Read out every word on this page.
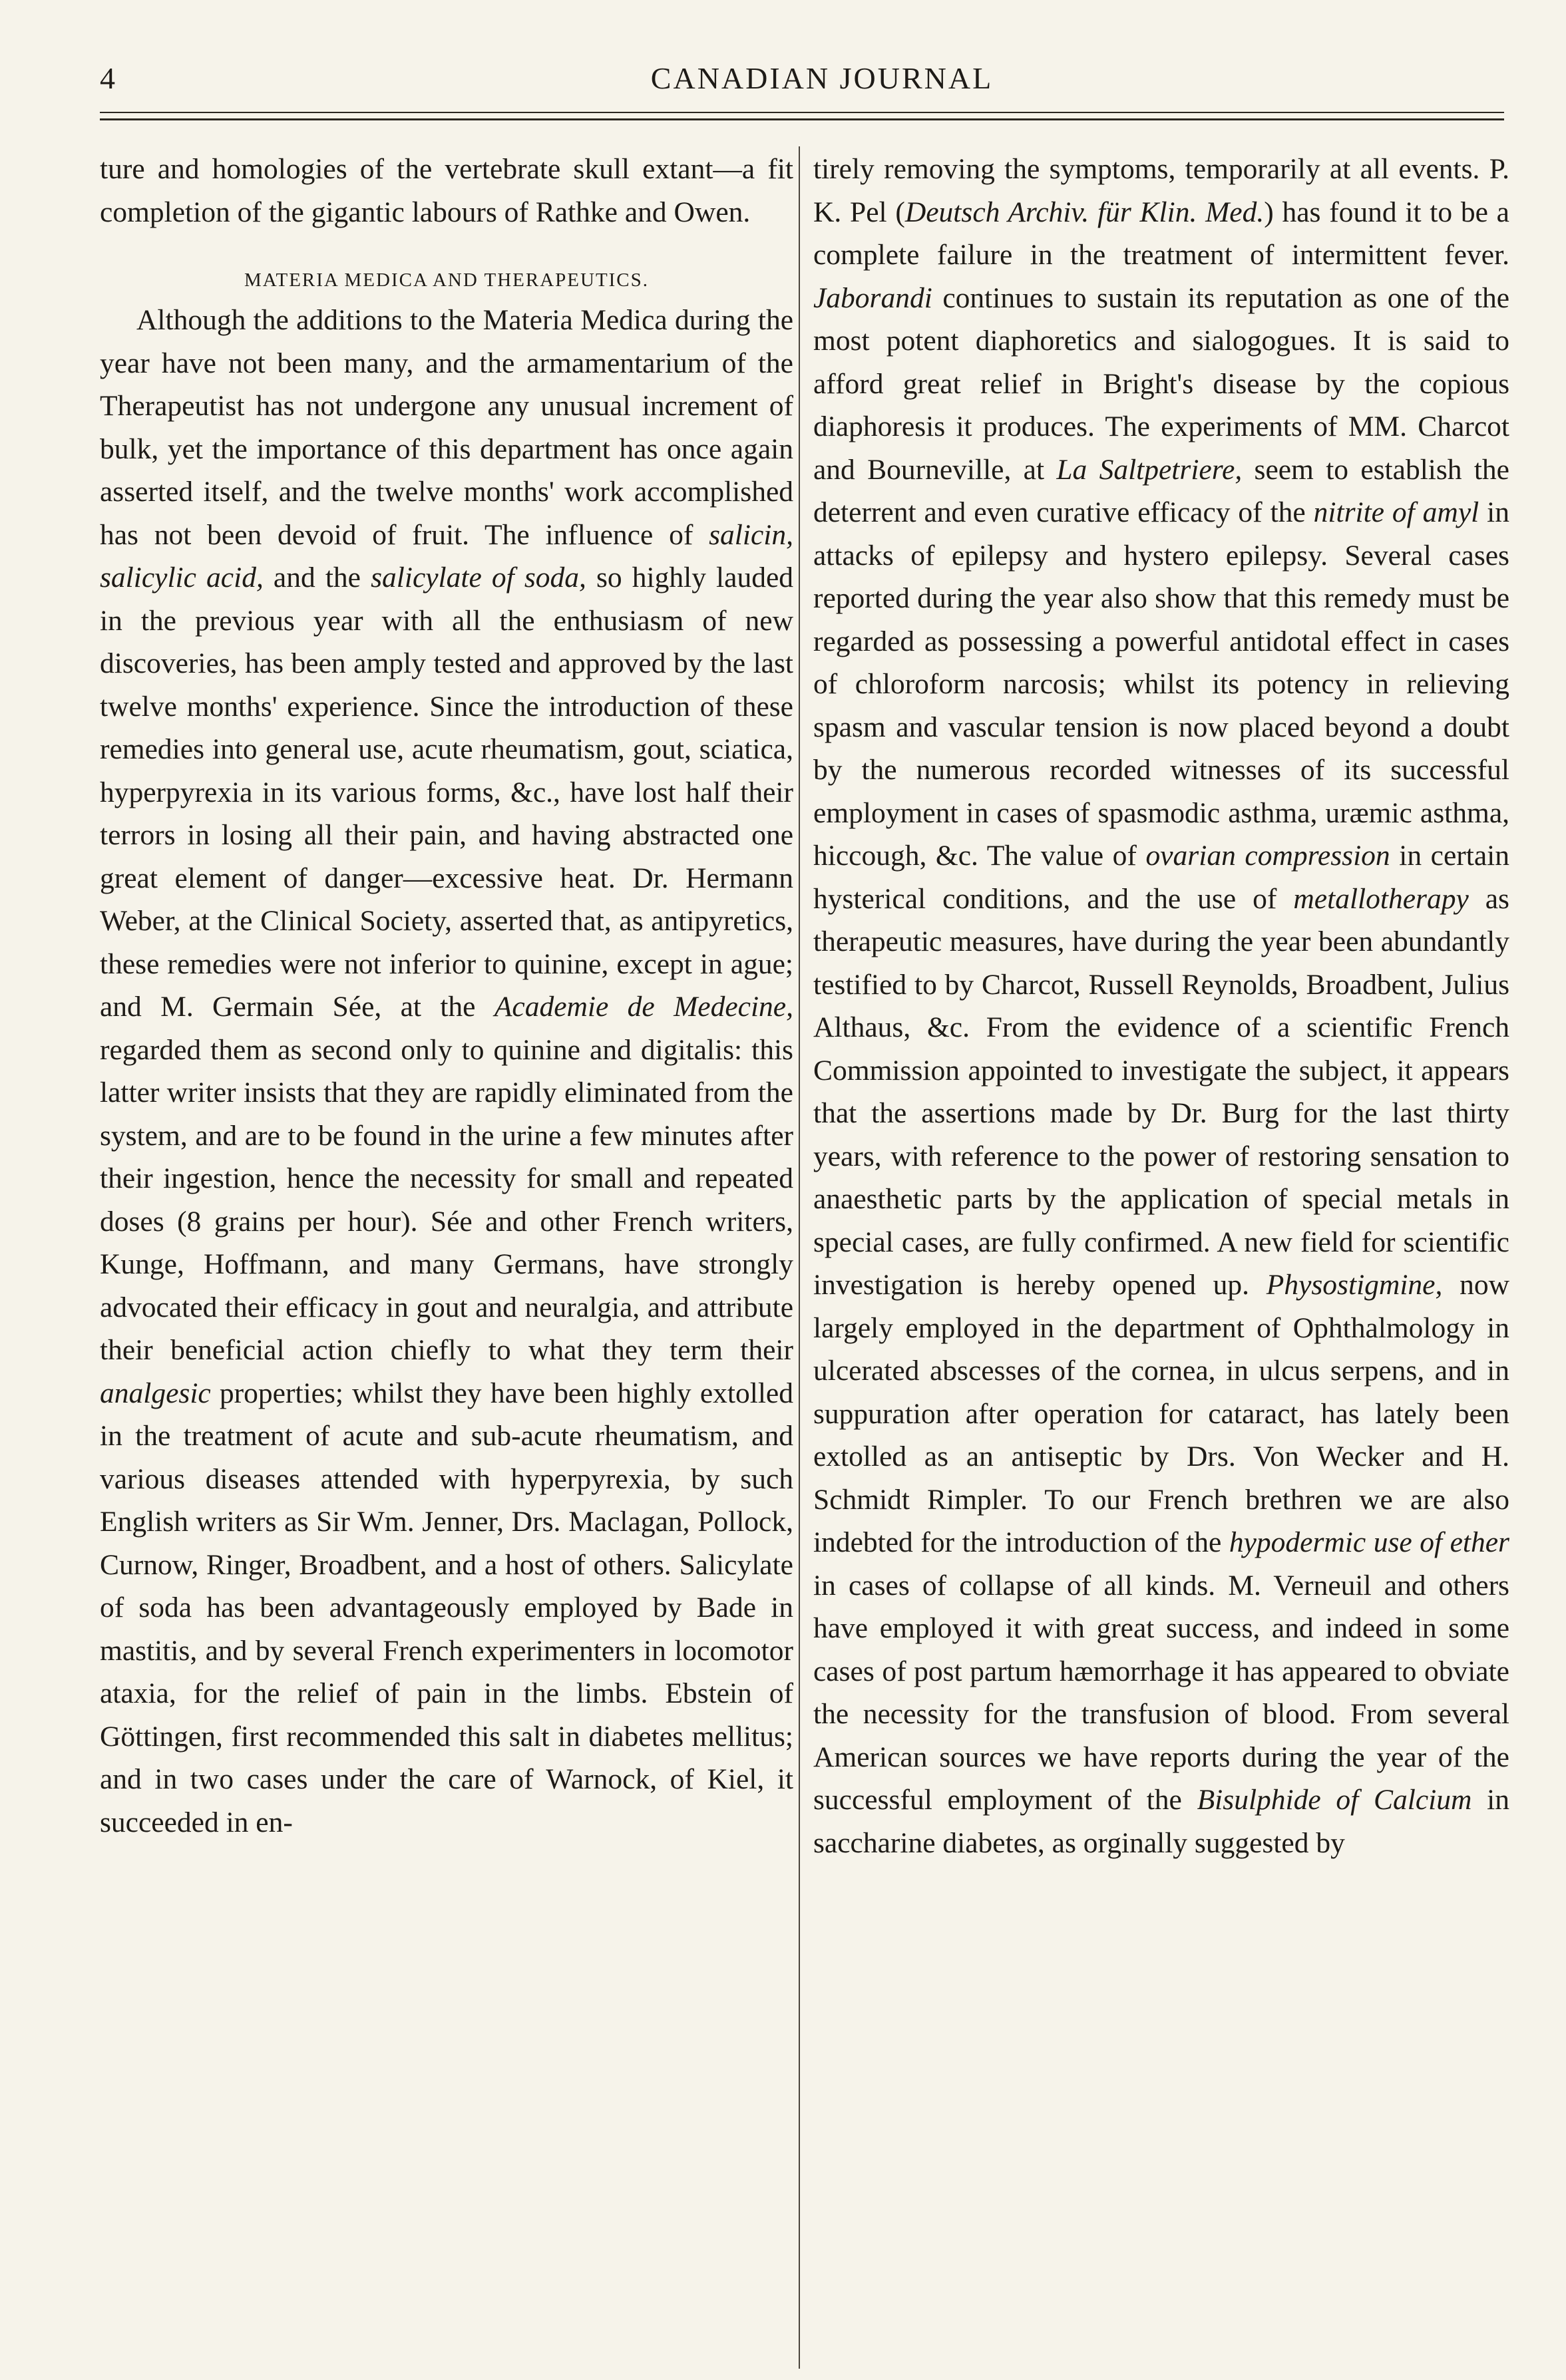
4	CANADIAN JOURNAL

ture and homologies of the vertebrate skull extant—a fit completion of the gigantic labours of Rathke and Owen.

MATERIA MEDICA AND THERAPEUTICS.

Although the additions to the Materia Medica during the year have not been many, and the armamentarium of the Therapeutist has not undergone any unusual increment of bulk, yet the importance of this department has once again asserted itself, and the twelve months' work accomplished has not been devoid of fruit. The influence of salicin, salicylic acid, and the salicylate of soda, so highly lauded in the previous year with all the enthusiasm of new discoveries, has been amply tested and approved by the last twelve months' experience. Since the introduction of these remedies into general use, acute rheumatism, gout, sciatica, hyperpyrexia in its various forms, &c., have lost half their terrors in losing all their pain, and having abstracted one great element of danger—excessive heat. Dr. Hermann Weber, at the Clinical Society, asserted that, as antipyretics, these remedies were not inferior to quinine, except in ague; and M. Germain Sée, at the Academie de Medecine, regarded them as second only to quinine and digitalis: this latter writer insists that they are rapidly eliminated from the system, and are to be found in the urine a few minutes after their ingestion, hence the necessity for small and repeated doses (8 grains per hour). Sée and other French writers, Kunge, Hoffmann, and many Germans, have strongly advocated their efficacy in gout and neuralgia, and attribute their beneficial action chiefly to what they term their analgesic properties; whilst they have been highly extolled in the treatment of acute and sub-acute rheumatism, and various diseases attended with hyperpyrexia, by such English writers as Sir Wm. Jenner, Drs. Maclagan, Pollock, Curnow, Ringer, Broadbent, and a host of others. Salicylate of soda has been advantageously employed by Bade in mastitis, and by several French experimenters in locomotor ataxia, for the relief of pain in the limbs. Ebstein of Göttingen, first recommended this salt in diabetes mellitus; and in two cases under the care of Warnock, of Kiel, it succeeded in en-

tirely removing the symptoms, temporarily at all events. P. K. Pel (Deutsch Archiv. für Klin. Med.) has found it to be a complete failure in the treatment of intermittent fever. Jaborandi continues to sustain its reputation as one of the most potent diaphoretics and sialogogues. It is said to afford great relief in Bright's disease by the copious diaphoresis it produces. The experiments of MM. Charcot and Bourneville, at La Saltpetriere, seem to establish the deterrent and even curative efficacy of the nitrite of amyl in attacks of epilepsy and hystero epilepsy. Several cases reported during the year also show that this remedy must be regarded as possessing a powerful antidotal effect in cases of chloroform narcosis; whilst its potency in relieving spasm and vascular tension is now placed beyond a doubt by the numerous recorded witnesses of its successful employment in cases of spasmodic asthma, uræmic asthma, hiccough, &c. The value of ovarian compression in certain hysterical conditions, and the use of metallotherapy as therapeutic measures, have during the year been abundantly testified to by Charcot, Russell Reynolds, Broadbent, Julius Althaus, &c. From the evidence of a scientific French Commission appointed to investigate the subject, it appears that the assertions made by Dr. Burg for the last thirty years, with reference to the power of restoring sensation to anaesthetic parts by the application of special metals in special cases, are fully confirmed. A new field for scientific investigation is hereby opened up. Physostigmine, now largely employed in the department of Ophthalmology in ulcerated abscesses of the cornea, in ulcus serpens, and in suppuration after operation for cataract, has lately been extolled as an antiseptic by Drs. Von Wecker and H. Schmidt Rimpler. To our French brethren we are also indebted for the introduction of the hypodermic use of ether in cases of collapse of all kinds. M. Verneuil and others have employed it with great success, and indeed in some cases of post partum hæmorrhage it has appeared to obviate the necessity for the transfusion of blood. From several American sources we have reports during the year of the successful employment of the Bisulphide of Calcium in saccharine diabetes, as orginally suggested by
